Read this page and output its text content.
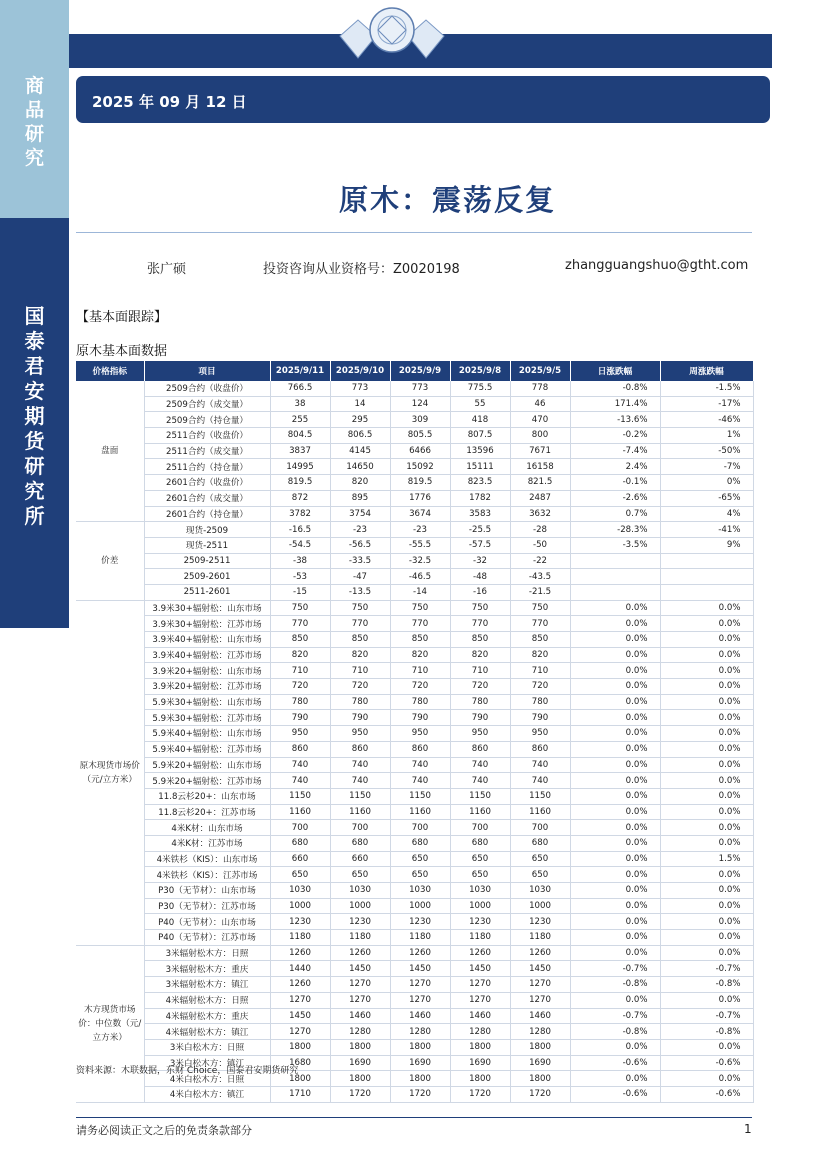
商
品
研
究
国
泰
君
安
期
货
研
究
所
2025 年 09 月 12 日
原木：震荡反复
张广硕	投资咨询从业资格号：Z0020198	zhangguangshuo@gtht.com
【基本面跟踪】
原木基本面数据
价格指标	项目	2025/9/11	2025/9/10	2025/9/9	2025/9/8	2025/9/5	日涨跌幅	周涨跌幅
盘面	2509合约（收盘价）	766.5	773	773	775.5	778	-0.8%	-1.5%
	2509合约（成交量）	38	14	124	55	46	171.4%	-17%
	2509合约（持仓量）	255	295	309	418	470	-13.6%	-46%
	2511合约（收盘价）	804.5	806.5	805.5	807.5	800	-0.2%	1%
	2511合约（成交量）	3837	4145	6466	13596	7671	-7.4%	-50%
	2511合约（持仓量）	14995	14650	15092	15111	16158	2.4%	-7%
	2601合约（收盘价）	819.5	820	819.5	823.5	821.5	-0.1%	0%
	2601合约（成交量）	872	895	1776	1782	2487	-2.6%	-65%
	2601合约（持仓量）	3782	3754	3674	3583	3632	0.7%	4%
价差	现货-2509	-16.5	-23	-23	-25.5	-28	-28.3%	-41%
	现货-2511	-54.5	-56.5	-55.5	-57.5	-50	-3.5%	9%
	2509-2511	-38	-33.5	-32.5	-32	-22		
	2509-2601	-53	-47	-46.5	-48	-43.5		
	2511-2601	-15	-13.5	-14	-16	-21.5		
原木现货市场价（元/立方米）	3.9米30+辐射松：山东市场	750	750	750	750	750	0.0%	0.0%
	3.9米30+辐射松：江苏市场	770	770	770	770	770	0.0%	0.0%
	3.9米40+辐射松：山东市场	850	850	850	850	850	0.0%	0.0%
	3.9米40+辐射松：江苏市场	820	820	820	820	820	0.0%	0.0%
	3.9米20+辐射松：山东市场	710	710	710	710	710	0.0%	0.0%
	3.9米20+辐射松：江苏市场	720	720	720	720	720	0.0%	0.0%
	5.9米30+辐射松：山东市场	780	780	780	780	780	0.0%	0.0%
	5.9米30+辐射松：江苏市场	790	790	790	790	790	0.0%	0.0%
	5.9米40+辐射松：山东市场	950	950	950	950	950	0.0%	0.0%
	5.9米40+辐射松：江苏市场	860	860	860	860	860	0.0%	0.0%
	5.9米20+辐射松：山东市场	740	740	740	740	740	0.0%	0.0%
	5.9米20+辐射松：江苏市场	740	740	740	740	740	0.0%	0.0%
	11.8云杉20+：山东市场	1150	1150	1150	1150	1150	0.0%	0.0%
	11.8云杉20+：江苏市场	1160	1160	1160	1160	1160	0.0%	0.0%
	4米K材：山东市场	700	700	700	700	700	0.0%	0.0%
	4米K材：江苏市场	680	680	680	680	680	0.0%	0.0%
	4米铁杉（KIS）：山东市场	660	660	650	650	650	0.0%	1.5%
	4米铁杉（KIS）：江苏市场	650	650	650	650	650	0.0%	0.0%
	P30（无节材）：山东市场	1030	1030	1030	1030	1030	0.0%	0.0%
	P30（无节材）：江苏市场	1000	1000	1000	1000	1000	0.0%	0.0%
	P40（无节材）：山东市场	1230	1230	1230	1230	1230	0.0%	0.0%
	P40（无节材）：江苏市场	1180	1180	1180	1180	1180	0.0%	0.0%
木方现货市场价：中位数（元/立方米）	3米辐射松木方：日照	1260	1260	1260	1260	1260	0.0%	0.0%
	3米辐射松木方：重庆	1440	1450	1450	1450	1450	-0.7%	-0.7%
	3米辐射松木方：镇江	1260	1270	1270	1270	1270	-0.8%	-0.8%
	4米辐射松木方：日照	1270	1270	1270	1270	1270	0.0%	0.0%
	4米辐射松木方：重庆	1450	1460	1460	1460	1460	-0.7%	-0.7%
	4米辐射松木方：镇江	1270	1280	1280	1280	1280	-0.8%	-0.8%
	3米白松木方：日照	1800	1800	1800	1800	1800	0.0%	0.0%
	3米白松木方：镇江	1680	1690	1690	1690	1690	-0.6%	-0.6%
	4米白松木方：日照	1800	1800	1800	1800	1800	0.0%	0.0%
	4米白松木方：镇江	1710	1720	1720	1720	1720	-0.6%	-0.6%
资料来源：木联数据，东财 Choice，国泰君安期货研究
请务必阅读正文之后的免责条款部分	1
